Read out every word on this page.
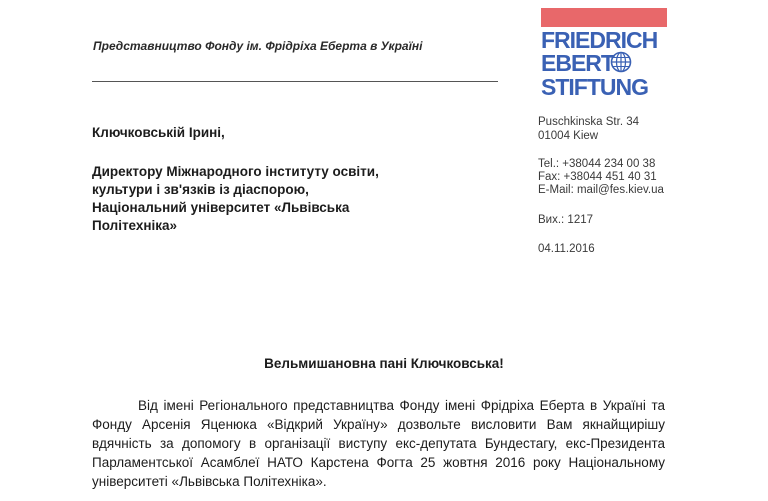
Представництво Фонду ім. Фрідріха Еберта в Україні	FRIEDRICH
EBERT
STIFTUNG
Puschkinska Str. 34
01004 Kiew
Tel.: +38044 234 00 38
Fax: +38044 451 40 31
E-Mail: mail@fes.kiev.ua
Вих.: 1217
04.11.2016
Ключковській Ірині,
Директору Міжнародного інституту освіти,
культури і зв'язків із діаспорою,
Національний університет «Львівська
Політехніка»
Вельмишановна пані Ключковська!
Від імені Регіонального представництва Фонду імені Фрідріха Еберта в Україні та Фонду Арсенія Яценюка «Відкрий Україну» дозвольте висловити Вам якнайщирішу вдячність за допомогу в організації виступу екс-депутата Бундестагу, екс-Президента Парламентської Асамблеї НАТО Карстена Фогта 25 жовтня 2016 року Національному університеті «Львівська Політехніка».
